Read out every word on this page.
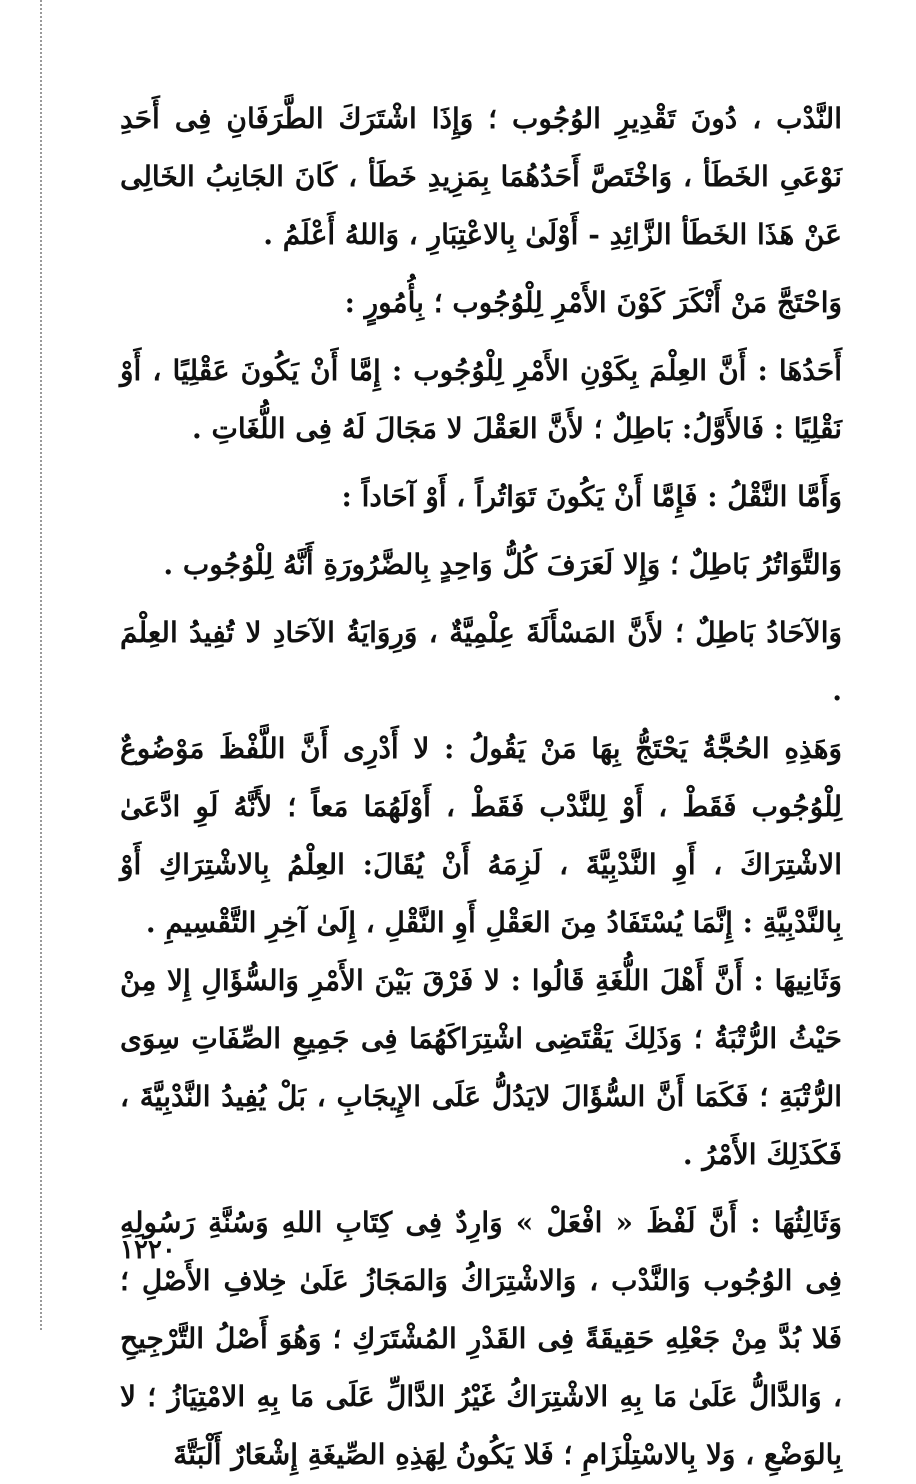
النَّدْب ، دُونَ تَقْدِيرِ الوُجُوب ؛ وَإِذَا اشْتَرَكَ الطَّرَفَانِ فِى أَحَدِ نَوْعَىِ الخَطَأ ، وَاخْتَصَّ أَحَدُهُمَا بِمَزِيدِ خَطَأ ، كَانَ الجَانِبُ الخَالِى عَنْ هَذَا الخَطَأ الزَّائِدِ - أَوْلَىٰ بِالاعْتِبَارِ ، وَاللهُ أَعْلَمُ .

وَاحْتَجَّ مَنْ أَنْكَرَ كَوْنَ الأَمْرِ لِلْوُجُوب ؛ بِأُمُورٍ :

أَحَدُهَا : أَنَّ العِلْمَ بِكَوْنِ الأَمْرِ لِلْوُجُوب : إِمَّا أَنْ يَكُونَ عَقْلِيًا ، أَوْ نَقْلِيًا : فَالأَوَّلُ: بَاطِلٌ ؛ لأَنَّ العَقْلَ لا مَجَالَ لَهُ فِى اللُّغَاتِ .

وَأَمَّا النَّقْلُ : فَإِمَّا أَنْ يَكُونَ تَوَاتُراً ، أَوْ آحَاداً :

وَالتَّوَاتُرُ بَاطِلٌ ؛ وَإِلا لَعَرَفَ كُلُّ وَاحِدٍ بِالضَّرُورَةِ أَنَّهُ لِلْوُجُوب .

وَالآحَادُ بَاطِلٌ ؛ لأَنَّ المَسْأَلَةَ عِلْمِيَّةٌ ، وَرِوَايَةُ الآحَادِ لا تُفِيدُ العِلْمَ .

وَهَذِهِ الحُجَّةُ يَحْتَجُّ بِهَا مَنْ يَقُولُ : لا أَدْرِى أَنَّ اللَّفْظَ مَوْضُوعٌ لِلْوُجُوب فَقَطْ ، أَوْ لِلنَّدْب فَقَطْ ، أَوْلَهُمَا مَعاً ؛ لأَنَّهُ لَوِ ادَّعَىٰ الاشْتِرَاكَ ، أَوِ النَّدْبِيَّةَ ، لَزِمَهُ أَنْ يُقَالَ: العِلْمُ بِالاشْتِرَاكِ أَوْ بِالنَّدْبِيَّةِ : إِنَّمَا يُسْتَفَادُ مِنَ العَقْلِ أَوِ النَّقْلِ ، إِلَىٰ آخِرِ التَّقْسِيمِ .

وَثَانِيهَا : أَنَّ أَهْلَ اللُّغَةِ قَالُوا : لا فَرْقَ بَيْنَ الأَمْرِ وَالسُّؤَالِ إِلا مِنْ حَيْثُ الرُّتْبَةُ ؛ وَذَلِكَ يَقْتَضِى اشْتِرَاكَهُمَا فِى جَمِيعِ الصِّفَاتِ سِوَى الرُّتْبَةِ ؛ فَكَمَا أَنَّ السُّؤَالَ لايَدُلُّ عَلَى الإِيجَابِ ، بَلْ يُفِيدُ النَّدْبِيَّةَ ، فَكَذَلِكَ الأَمْرُ .

وَثَالِثُهَا : أَنَّ لَفْظَ « افْعَلْ » وَارِدٌ فِى كِتَابِ اللهِ وَسُنَّةِ رَسُولِهِ فِى الوُجُوب وَالنَّدْب ، وَالاشْتِرَاكُ وَالمَجَازُ عَلَىٰ خِلافِ الأَصْلِ ؛ فَلا بُدَّ مِنْ جَعْلِهِ حَقِيقَةً فِى القَدْرِ المُشْتَرَكِ ؛ وَهُوَ أَصْلُ التَّرْجِيحِ ، وَالدَّالُّ عَلَىٰ مَا بِهِ الاشْتِرَاكُ غَيْرُ الدَّالِّ عَلَى مَا بِهِ الامْتِيَازُ ؛ لا بِالوَضْعِ ، وَلا بِالاسْتِلْزَامِ ؛ فَلا يَكُونُ لِهَذِهِ الصِّيغَةِ إِشْعَارٌ أَلْبَتَّةَ

١٢٢٠
